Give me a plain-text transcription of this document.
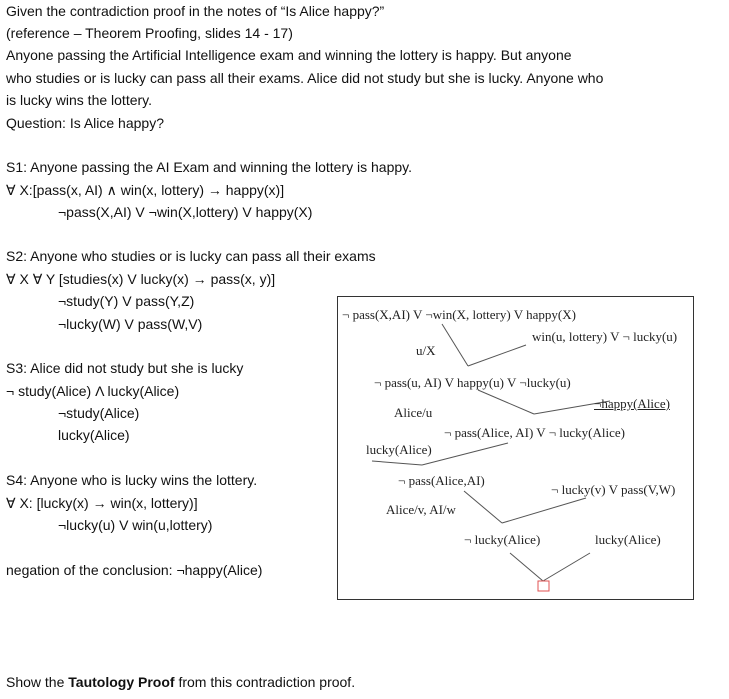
Given the contradiction proof in the notes of “Is Alice happy?”
(reference – Theorem Proofing, slides 14 - 17)
Anyone passing the Artificial Intelligence exam and winning the lottery is happy. But anyone
who studies or is lucky can pass all their exams. Alice did not study but she is lucky. Anyone who
is lucky wins the lottery.
Question: Is Alice happy?
S1: Anyone passing the AI Exam and winning the lottery is happy.
∀ X:[pass(x, AI) ∧ win(x, lottery) → happy(x)]
¬pass(X,AI) V ¬win(X,lottery) V happy(X)
S2: Anyone who studies or is lucky can pass all their exams
∀ X ∀ Y [studies(x) V lucky(x) → pass(x, y)]
¬study(Y) V pass(Y,Z)
¬lucky(W) V pass(W,V)
S3: Alice did not study but she is lucky
¬ study(Alice) Λ lucky(Alice)
¬study(Alice)
lucky(Alice)
S4: Anyone who is lucky wins the lottery.
∀ X: [lucky(x) → win(x, lottery)]
¬lucky(u) V win(u,lottery)
negation of the conclusion: ¬happy(Alice)
¬ pass(X,AI) V ¬win(X, lottery) V happy(X)
win(u, lottery) V ¬ lucky(u)
u/X
¬ pass(u, AI) V happy(u) V ¬lucky(u)
¬happy(Alice)
Alice/u
¬ pass(Alice, AI) V ¬ lucky(Alice)
lucky(Alice)
¬ pass(Alice,AI)
¬ lucky(v) V pass(V,W)
Alice/v, AI/w
¬ lucky(Alice)	lucky(Alice)
Show the Tautology Proof from this contradiction proof.
